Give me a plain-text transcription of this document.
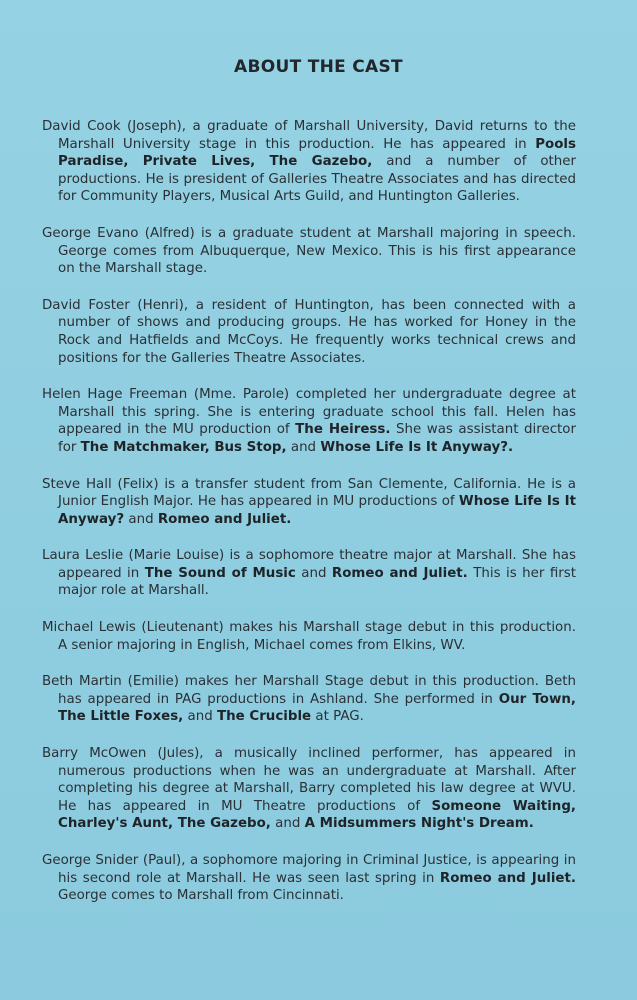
ABOUT THE CAST

David Cook (Joseph), a graduate of Marshall University, David returns to the Marshall University stage in this production. He has appeared in Pools Paradise, Private Lives, The Gazebo, and a number of other productions. He is president of Galleries Theatre Associates and has directed for Community Players, Musical Arts Guild, and Huntington Galleries.

George Evano (Alfred) is a graduate student at Marshall majoring in speech. George comes from Albuquerque, New Mexico. This is his first appearance on the Marshall stage.

David Foster (Henri), a resident of Huntington, has been connected with a number of shows and producing groups. He has worked for Honey in the Rock and Hatfields and McCoys. He frequently works technical crews and positions for the Galleries Theatre Associates.

Helen Hage Freeman (Mme. Parole) completed her undergraduate degree at Marshall this spring. She is entering graduate school this fall. Helen has appeared in the MU production of The Heiress. She was assistant director for The Matchmaker, Bus Stop, and Whose Life Is It Anyway?.

Steve Hall (Felix) is a transfer student from San Clemente, California. He is a Junior English Major. He has appeared in MU productions of Whose Life Is It Anyway? and Romeo and Juliet.

Laura Leslie (Marie Louise) is a sophomore theatre major at Marshall. She has appeared in The Sound of Music and Romeo and Juliet. This is her first major role at Marshall.

Michael Lewis (Lieutenant) makes his Marshall stage debut in this production. A senior majoring in English, Michael comes from Elkins, WV.

Beth Martin (Emilie) makes her Marshall Stage debut in this production. Beth has appeared in PAG productions in Ashland. She performed in Our Town, The Little Foxes, and The Crucible at PAG.

Barry McOwen (Jules), a musically inclined performer, has appeared in numerous productions when he was an undergraduate at Marshall. After completing his degree at Marshall, Barry completed his law degree at WVU. He has appeared in MU Theatre productions of Someone Waiting, Charley's Aunt, The Gazebo, and A Midsummers Night's Dream.

George Snider (Paul), a sophomore majoring in Criminal Justice, is appearing in his second role at Marshall. He was seen last spring in Romeo and Juliet. George comes to Marshall from Cincinnati.
